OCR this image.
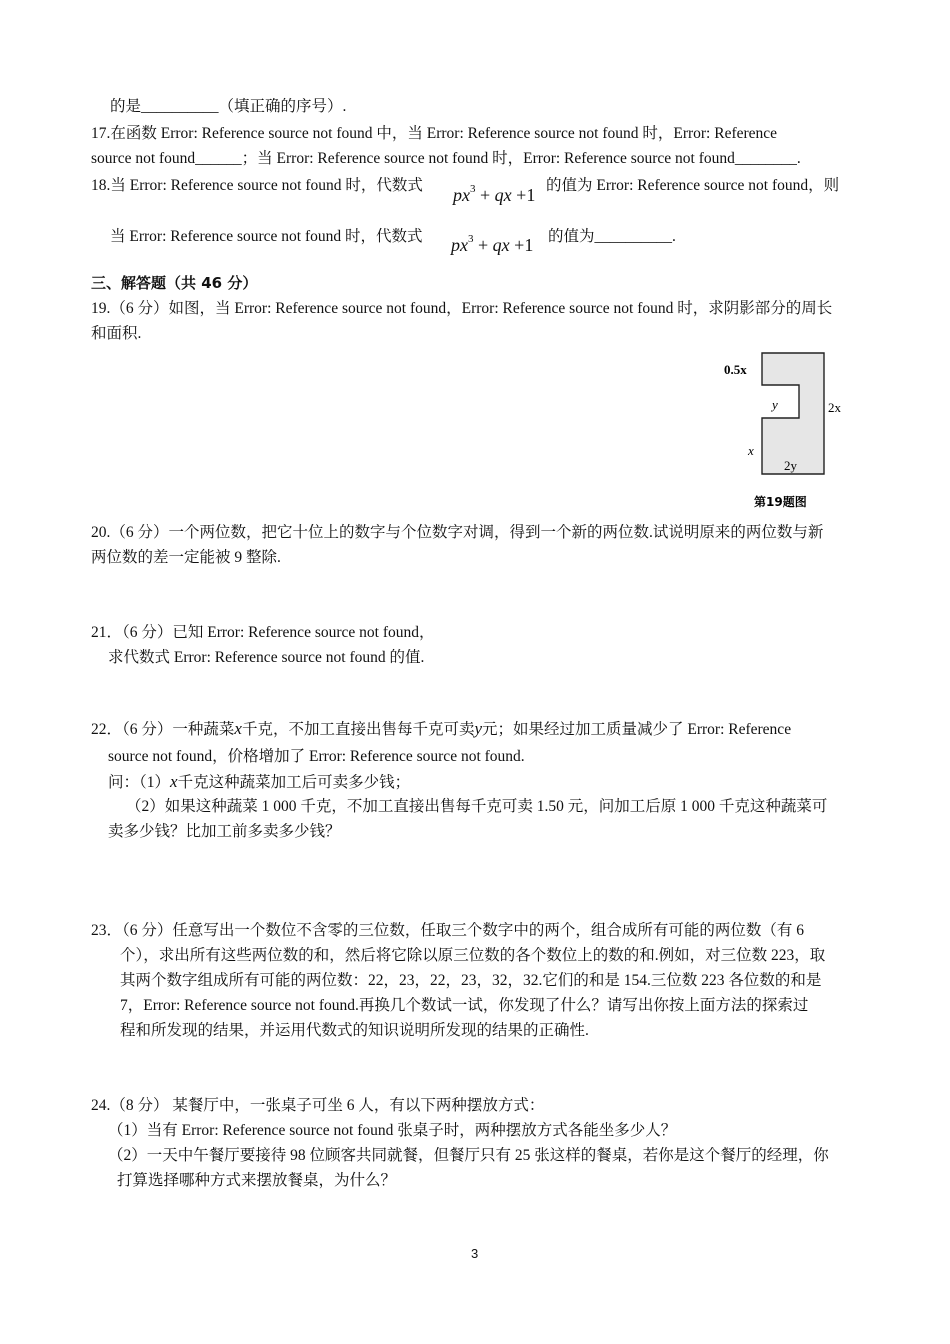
的是__________（填正确的序号）.
17.在函数 Error: Reference source not found 中，当 Error: Reference source not found 时，Error: Reference
source not found______；当 Error: Reference source not found 时，Error: Reference source not found________.
18.当 Error: Reference source not found 时，代数式 $px^3$ + qx +1 的值为 Error: Reference source not found，则
当 Error: Reference source not found 时，代数式 $px^3$ + qx +1 的值为__________.
三、解答题（共 46 分）
19.（6 分）如图，当 Error: Reference source not found，Error: Reference source not found 时，求阴影部分的周长
和面积.
0.5x
y	2x
x
2y
第19题图
20.（6 分）一个两位数，把它十位上的数字与个位数字对调，得到一个新的两位数.试说明原来的两位数与新
两位数的差一定能被 9 整除.
21．（6 分）已知 Error: Reference source not found，
求代数式 Error: Reference source not found 的值.
22．（6 分）一种蔬菜x千克，不加工直接出售每千克可卖y元；如果经过加工质量减少了 Error: Reference
source not found，价格增加了 Error: Reference source not found.
问：（1）x千克这种蔬菜加工后可卖多少钱；
（2）如果这种蔬菜 1 000 千克，不加工直接出售每千克可卖 1.50 元，问加工后原 1 000 千克这种蔬菜可
卖多少钱？比加工前多卖多少钱？
23．（6 分）任意写出一个数位不含零的三位数，任取三个数字中的两个，组合成所有可能的两位数（有 6
个），求出所有这些两位数的和，然后将它除以原三位数的各个数位上的数的和.例如，对三位数 223，取
其两个数字组成所有可能的两位数：22，23，22，23，32，32.它们的和是 154.三位数 223 各位数的和是
7，Error: Reference source not found.再换几个数试一试，你发现了什么？请写出你按上面方法的探索过
程和所发现的结果，并运用代数式的知识说明所发现的结果的正确性.
24.（8 分） 某餐厅中，一张桌子可坐 6 人，有以下两种摆放方式：
（1）当有 Error: Reference source not found 张桌子时，两种摆放方式各能坐多少人？
（2）一天中午餐厅要接待 98 位顾客共同就餐，但餐厅只有 25 张这样的餐桌，若你是这个餐厅的经理，你
打算选择哪种方式来摆放餐桌，为什么？
3
